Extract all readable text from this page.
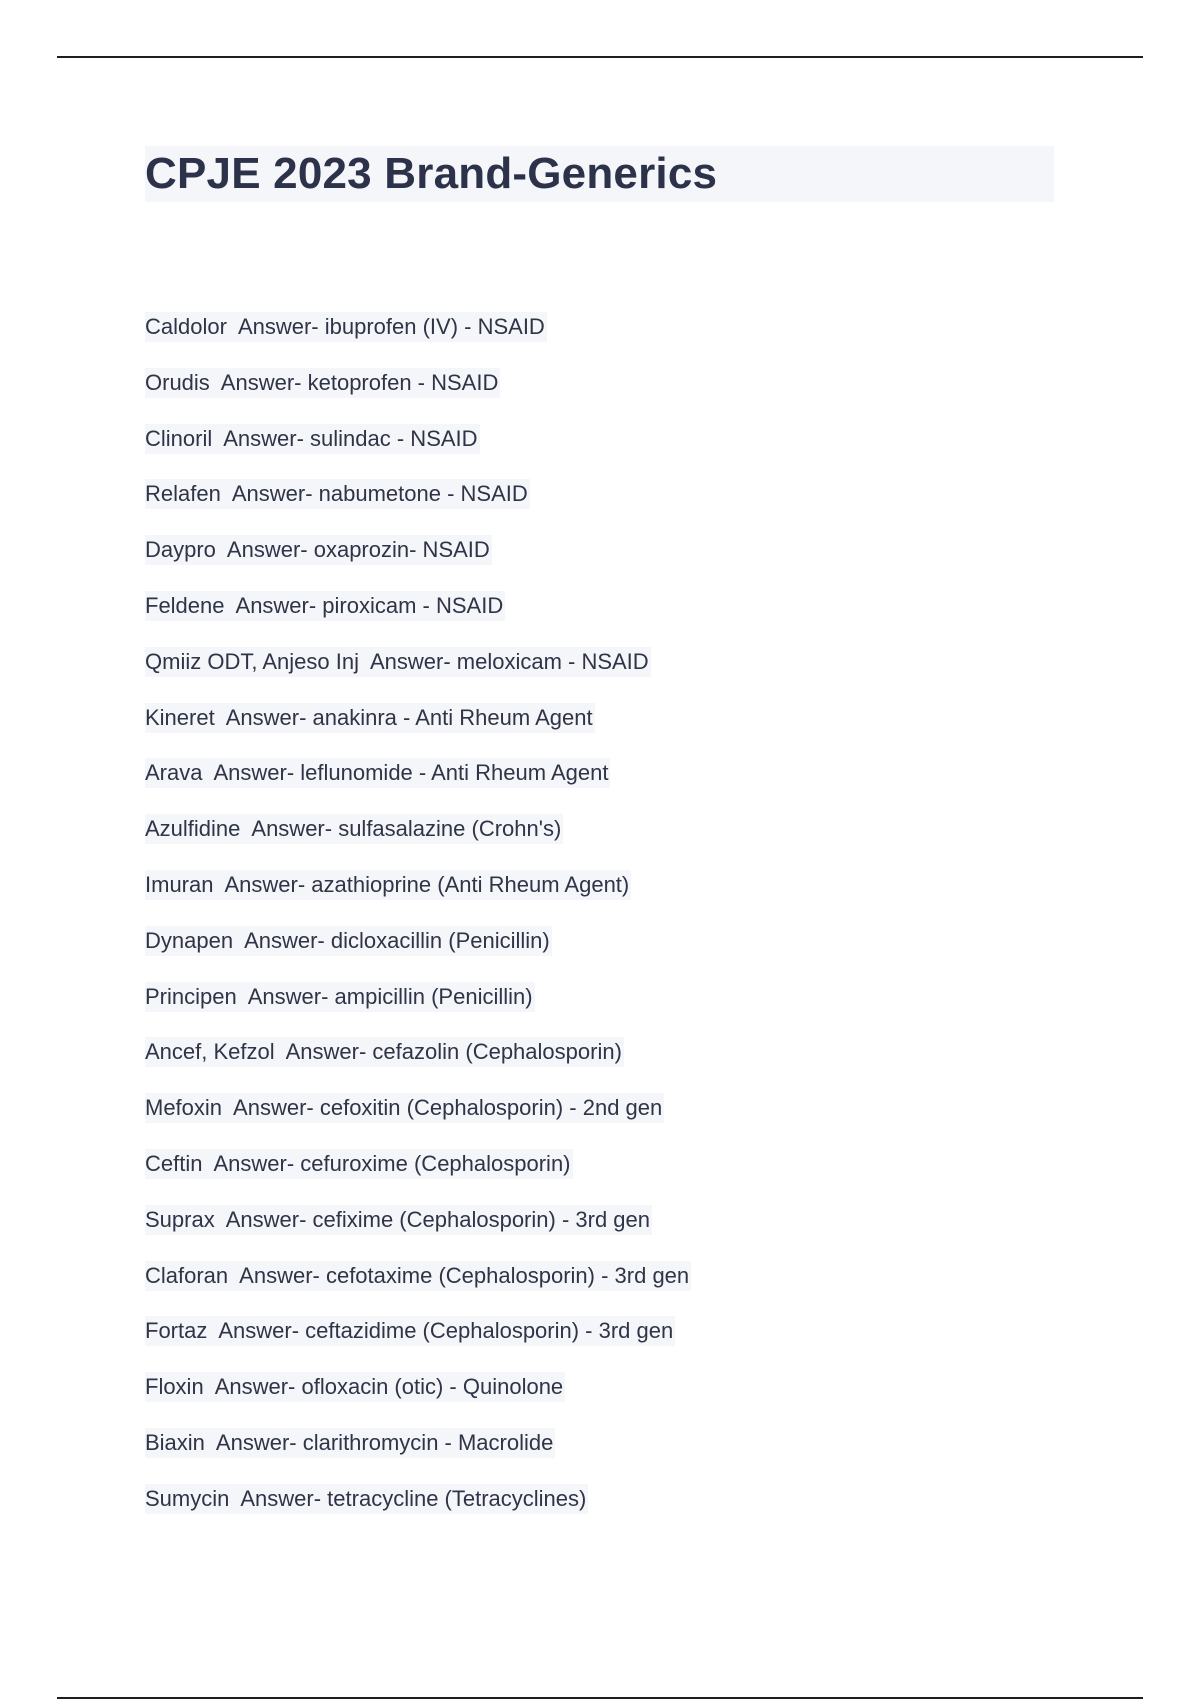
CPJE 2023 Brand-Generics
Caldolor  Answer- ibuprofen (IV) - NSAID
Orudis  Answer- ketoprofen - NSAID
Clinoril  Answer- sulindac - NSAID
Relafen  Answer- nabumetone - NSAID
Daypro  Answer- oxaprozin- NSAID
Feldene  Answer- piroxicam - NSAID
Qmiiz ODT, Anjeso Inj  Answer- meloxicam - NSAID
Kineret  Answer- anakinra - Anti Rheum Agent
Arava  Answer- leflunomide - Anti Rheum Agent
Azulfidine  Answer- sulfasalazine (Crohn's)
Imuran  Answer- azathioprine (Anti Rheum Agent)
Dynapen  Answer- dicloxacillin (Penicillin)
Principen  Answer- ampicillin (Penicillin)
Ancef, Kefzol  Answer- cefazolin (Cephalosporin)
Mefoxin  Answer- cefoxitin (Cephalosporin) - 2nd gen
Ceftin  Answer- cefuroxime (Cephalosporin)
Suprax  Answer- cefixime (Cephalosporin) - 3rd gen
Claforan  Answer- cefotaxime (Cephalosporin) - 3rd gen
Fortaz  Answer- ceftazidime (Cephalosporin) - 3rd gen
Floxin  Answer- ofloxacin (otic) - Quinolone
Biaxin  Answer- clarithromycin - Macrolide
Sumycin  Answer- tetracycline (Tetracyclines)
